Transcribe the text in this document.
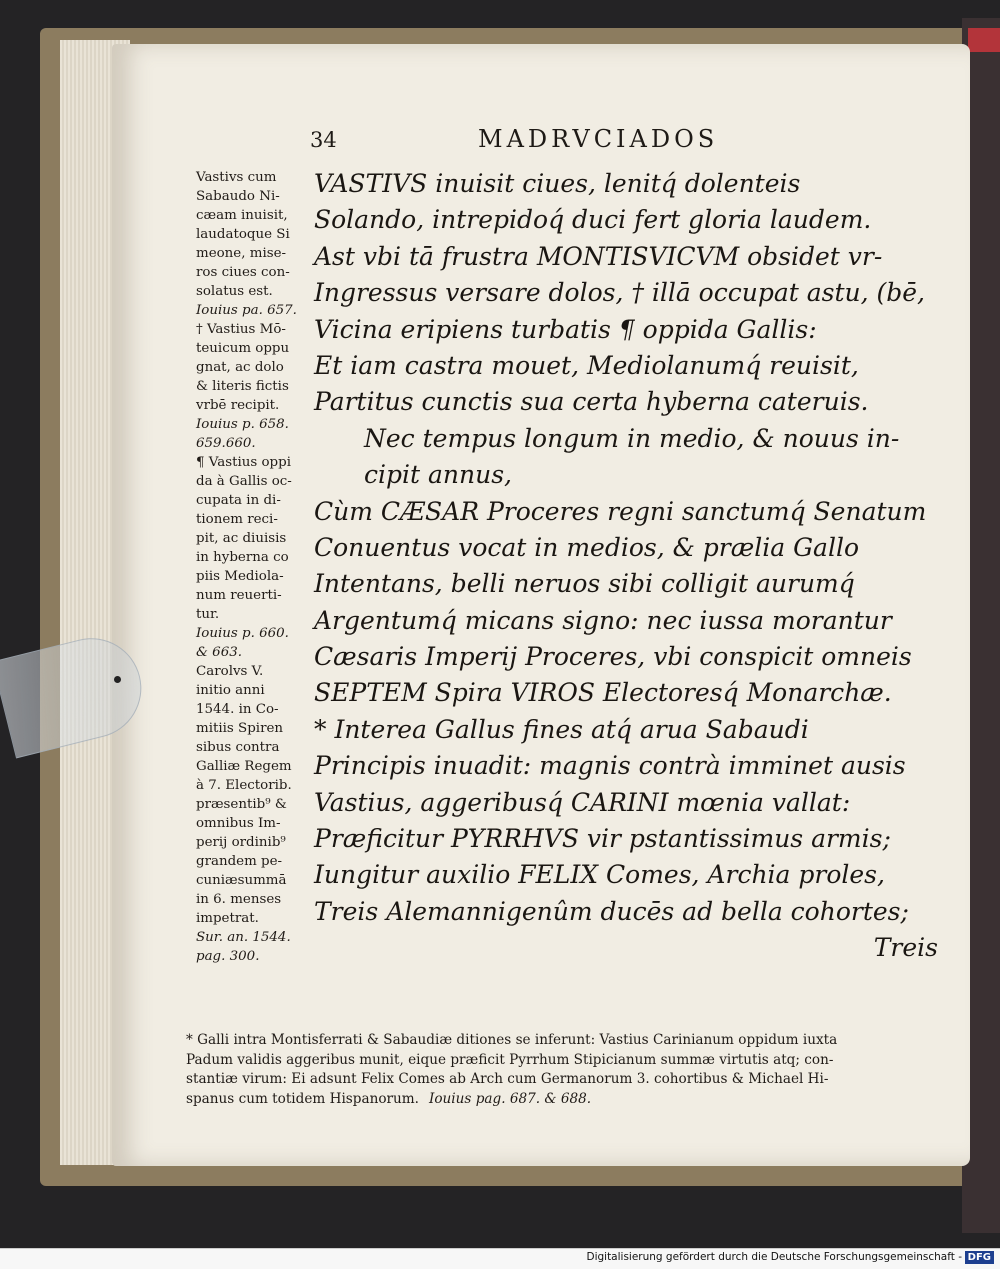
34	MADRVCIADOS
Vastivs cum
Sabaudo Ni-
cæam inuisit,
laudatoque Si
meone, mise-
ros ciues con-
solatus est.
Iouius pa. 657.
† Vastius Mō-
teuicum oppu
gnat, ac dolo
& literis fictis
vrbē recipit.
Iouius p. 658.
659.660.
¶ Vastius oppi
da à Gallis oc-
cupata in di-
tionem reci-
pit, ac diuisis
in hyberna co
piis Mediola-
num reuerti-
tur.
Iouius p. 660.
& 663.
Carolvs V.
initio anni
1544. in Co-
mitiis Spiren
sibus contra
Galliæ Regem
à 7. Electorib.
præsentib⁹ &
omnibus Im-
perij ordinib⁹
grandem pe-
cuniæsummā
in 6. menses
impetrat.
Sur. an. 1544.
pag. 300.
VASTIVS inuisit ciues, lenitq́ dolenteis
Solando, intrepidoq́ duci fert gloria laudem.
Ast vbi tā frustra MONTISVICVM obsidet vr-
Ingressus versare dolos, † illā occupat astu, (bē,
Vicina eripiens turbatis ¶ oppida Gallis:
Et iam castra mouet, Mediolanumq́ reuisit,
Partitus cunctis sua certa hyberna cateruis.
Nec tempus longum in medio, & nouus in-
cipit annus,
Cùm CÆSAR Proceres regni sanctumq́ Senatum
Conuentus vocat in medios, & prælia Gallo
Intentans, belli neruos sibi colligit aurumq́
Argentumq́ micans signo: nec iussa morantur
Cæsaris Imperij Proceres, vbi conspicit omneis
SEPTEM Spira VIROS Electoresq́ Monarchæ.
* Interea Gallus fines atq́ arua Sabaudi
Principis inuadit: magnis contrà imminet ausis
Vastius, aggeribusq́ CARINI mœnia vallat:
Præficitur PYRRHVS vir pstantissimus armis;
Iungitur auxilio FELIX Comes, Archia proles,
Treis Alemannigenûm ducēs ad bella cohortes;
Treis
* Galli intra Montisferrati & Sabaudiæ ditiones se inferunt: Vastius Carinianum oppidum iuxta
Padum validis aggeribus munit, eique præficit Pyrrhum Stipicianum summæ virtutis atq; con-
stantiæ virum: Ei adsunt Felix Comes ab Arch cum Germanorum 3. cohortibus & Michael Hi-
spanus cum totidem Hispanorum. Iouius pag. 687. & 688.
Digitalisierung gefördert durch die Deutsche Forschungsgemeinschaft - DFG
